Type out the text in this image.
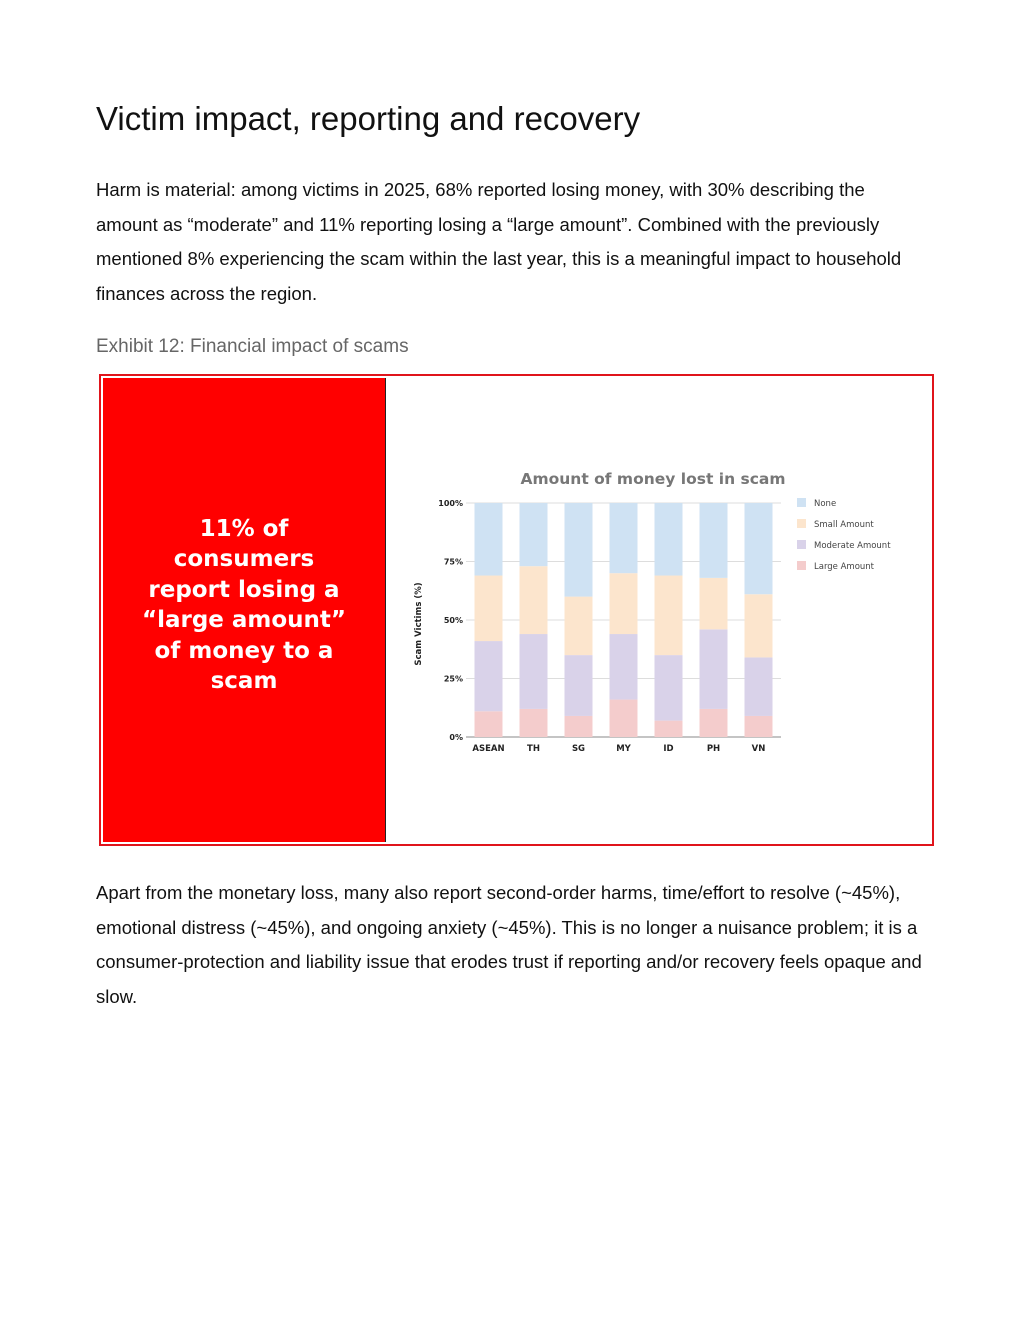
Victim impact, reporting and recovery

Harm is material: among victims in 2025, 68% reported losing money, with 30% describing the amount as “moderate” and 11% reporting losing a “large amount”. Combined with the previously mentioned 8% experiencing the scam within the last year, this is a meaningful impact to household finances across the region.

Exhibit 12: Financial impact of scams

11% of consumers report losing a “large amount” of money to a scam
Amount of money lost in scam
Scam Victims (%)
ASEAN	TH	SG	MY	ID	PH	VN
0%
25%
50%
75%
100%	None
Small Amount
Moderate Amount
Large Amount

Apart from the monetary loss, many also report second-order harms, time/effort to resolve (~45%), emotional distress (~45%), and ongoing anxiety (~45%). This is no longer a nuisance problem; it is a consumer-protection and liability issue that erodes trust if reporting and/or recovery feels opaque and slow.
